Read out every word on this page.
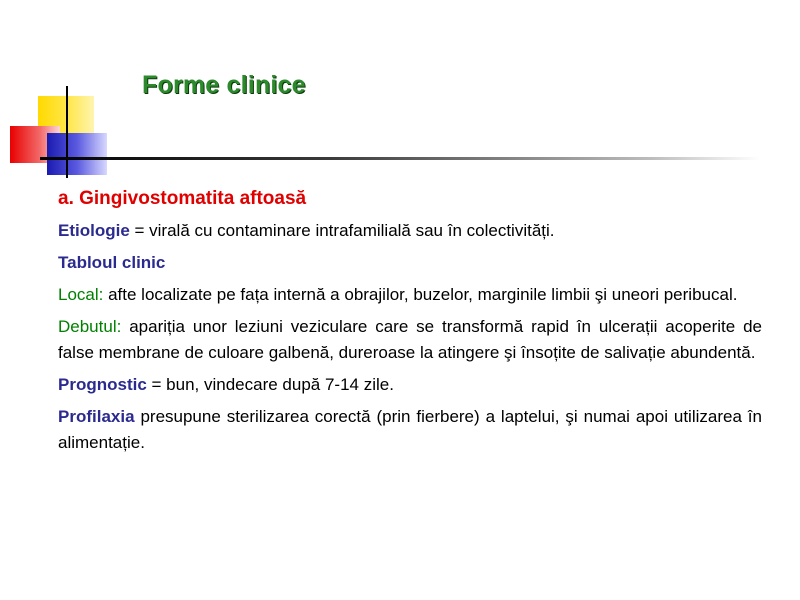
Forme clinice

a. Gingivostomatita aftoasă

Etiologie = virală cu contaminare intrafamilială sau în colectivități.

Tabloul clinic

Local: afte localizate pe fața internă a obrajilor, buzelor, marginile limbii şi uneori peribucal.

Debutul: apariția unor leziuni veziculare care se transformă rapid în ulcerații acoperite de false membrane de culoare galbenă, dureroase la atingere şi însoțite de salivație abundentă.

Prognostic = bun, vindecare după 7-14 zile.

Profilaxia presupune sterilizarea corectă (prin fierbere) a laptelui, şi numai apoi utilizarea în alimentație.
